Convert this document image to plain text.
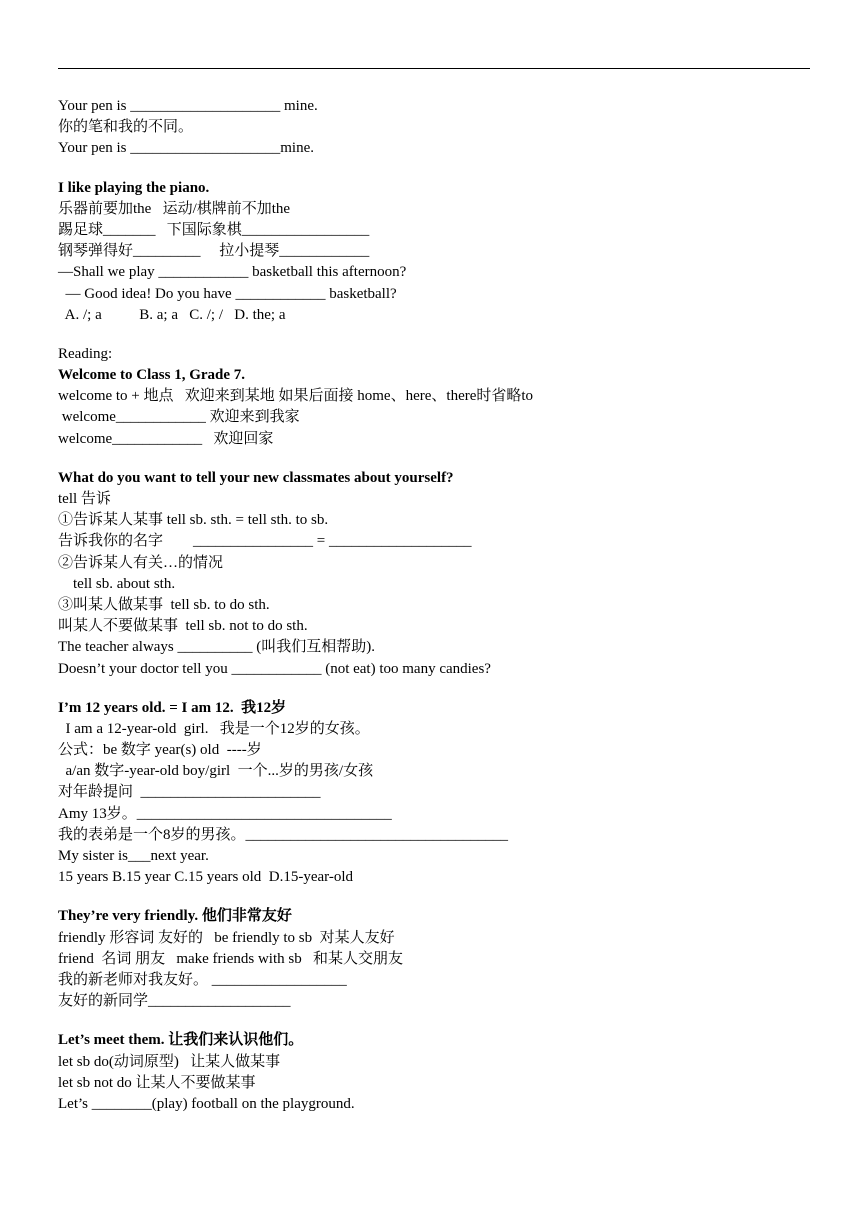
Your pen is ____________________ mine.
你的笔和我的不同。
Your pen is ____________________mine.
I like playing the piano.
乐器前要加the   运动/棋牌前不加the
踢足球_______   下国际象棋_________________
钢琴弹得好_________     拉小提琴____________
—Shall we play ____________ basketball this afternoon?
— Good idea! Do you have ____________ basketball?
A. /; a          B. a; a   C. /; /   D. the; a
Reading:
Welcome to Class 1, Grade 7.
welcome to + 地点   欢迎来到某地 如果后面接 home、here、there时省略to
welcome____________ 欢迎来到我家
welcome____________   欢迎回家
What do you want to tell your new classmates about yourself?
tell 告诉
①告诉某人某事 tell sb. sth. = tell sth. to sb.
告诉我你的名字        ________________ = ___________________
②告诉某人有关…的情况
tell sb. about sth.
③叫某人做某事  tell sb. to do sth.
叫某人不要做某事  tell sb. not to do sth.
The teacher always __________ (叫我们互相帮助).
Doesn’t your doctor tell you ____________ (not eat) too many candies?
I’m 12 years old. = I am 12.  我12岁
I am a 12-year-old  girl.   我是一个12岁的女孩。
公式：be 数字 year(s) old  ----岁
a/an 数字-year-old boy/girl  一个...岁的男孩/女孩
对年龄提问  ________________________
Amy 13岁。__________________________________
我的表弟是一个8岁的男孩。___________________________________
My sister is___next year.
15 years B.15 year C.15 years old  D.15-year-old
They’re very friendly. 他们非常友好
friendly 形容词 友好的   be friendly to sb  对某人友好
friend  名词 朋友   make friends with sb   和某人交朋友
我的新老师对我友好。 __________________
友好的新同学___________________
Let’s meet them. 让我们来认识他们。
let sb do(动词原型)   让某人做某事
let sb not do 让某人不要做某事
Let’s ________(play) football on the playground.
